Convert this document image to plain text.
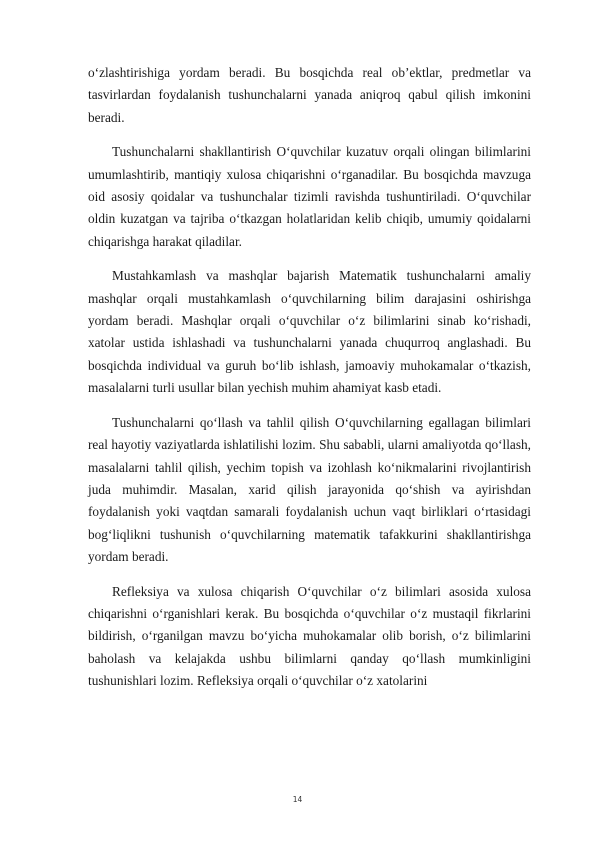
o‘zlashtirishiga yordam beradi. Bu bosqichda real ob’ektlar, predmetlar va tasvirlardan foydalanish tushunchalarni yanada aniqroq qabul qilish imkonini beradi.

Tushunchalarni shakllantirish O‘quvchilar kuzatuv orqali olingan bilimlarini umumlashtirib, mantiqiy xulosa chiqarishni o‘rganadilar. Bu bosqichda mavzuga oid asosiy qoidalar va tushunchalar tizimli ravishda tushuntiriladi. O‘quvchilar oldin kuzatgan va tajriba o‘tkazgan holatlaridan kelib chiqib, umumiy qoidalarni chiqarishga harakat qiladilar.

Mustahkamlash va mashqlar bajarish Matematik tushunchalarni amaliy mashqlar orqali mustahkamlash o‘quvchilarning bilim darajasini oshirishga yordam beradi. Mashqlar orqali o‘quvchilar o‘z bilimlarini sinab ko‘rishadi, xatolar ustida ishlashadi va tushunchalarni yanada chuqurroq anglashadi. Bu bosqichda individual va guruh bo‘lib ishlash, jamoaviy muhokamalar o‘tkazish, masalalarni turli usullar bilan yechish muhim ahamiyat kasb etadi.

Tushunchalarni qo‘llash va tahlil qilish O‘quvchilarning egallagan bilimlari real hayotiy vaziyatlarda ishlatilishi lozim. Shu sababli, ularni amaliyotda qo‘llash, masalalarni tahlil qilish, yechim topish va izohlash ko‘nikmalarini rivojlantirish juda muhimdir. Masalan, xarid qilish jarayonida qo‘shish va ayirishdan foydalanish yoki vaqtdan samarali foydalanish uchun vaqt birliklari o‘rtasidagi bog‘liqlikni tushunish o‘quvchilarning matematik tafakkurini shakllantirishga yordam beradi.

Refleksiya va xulosa chiqarish O‘quvchilar o‘z bilimlari asosida xulosa chiqarishni o‘rganishlari kerak. Bu bosqichda o‘quvchilar o‘z mustaqil fikrlarini bildirish, o‘rganilgan mavzu bo‘yicha muhokamalar olib borish, o‘z bilimlarini baholash va kelajakda ushbu bilimlarni qanday qo‘llash mumkinligini tushunishlari lozim. Refleksiya orqali o‘quvchilar o‘z xatolarini

14
